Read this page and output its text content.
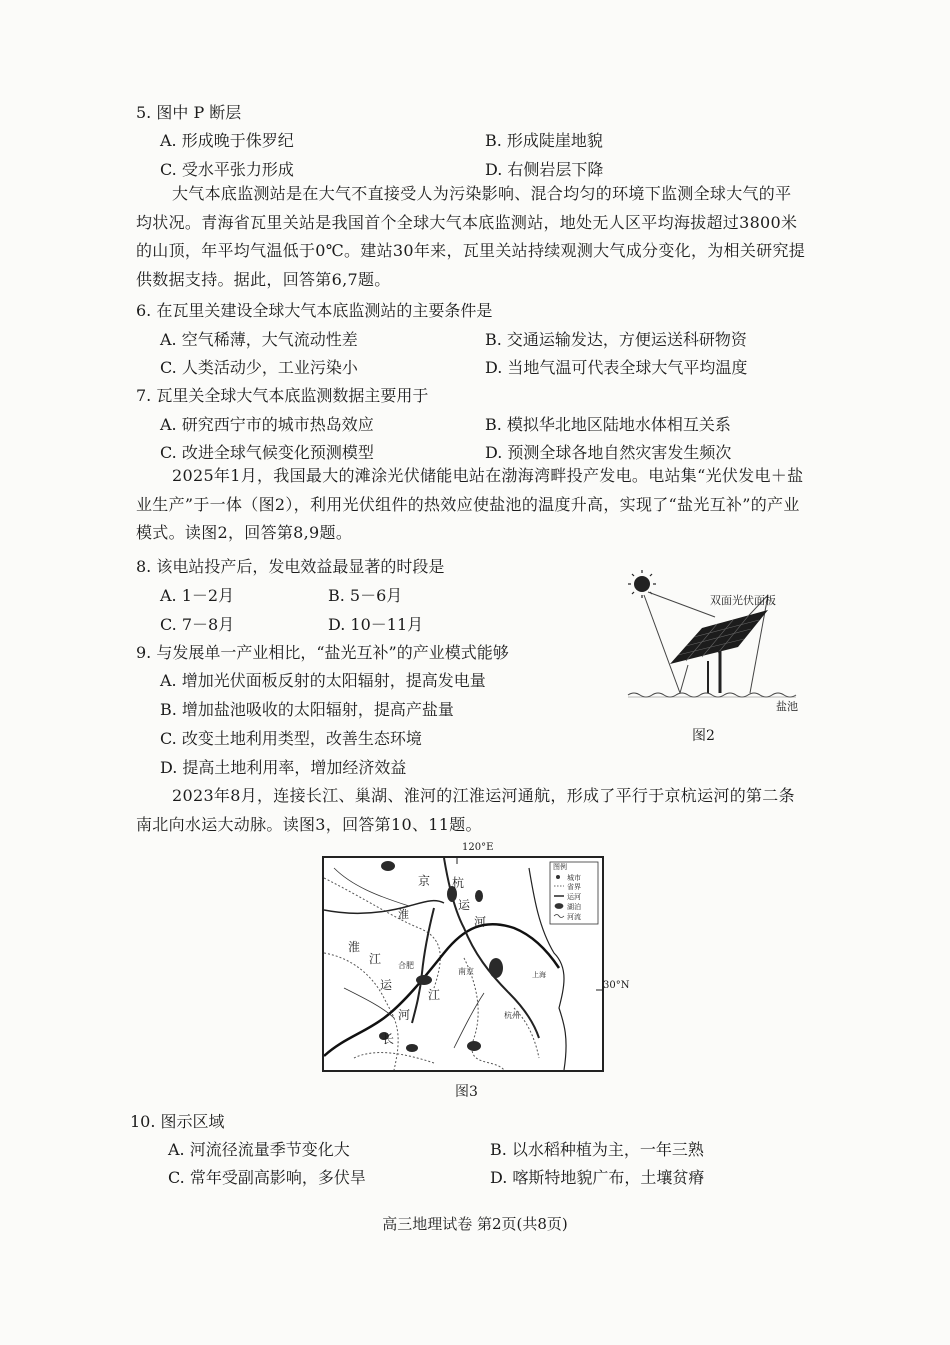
5. 图中 P 断层
A. 形成晚于侏罗纪	B. 形成陡崖地貌
C. 受水平张力形成	D. 右侧岩层下降
大气本底监测站是在大气不直接受人为污染影响、混合均匀的环境下监测全球大气的平均状况。青海省瓦里关站是我国首个全球大气本底监测站，地处无人区平均海拔超过3800米的山顶，年平均气温低于0℃。建站30年来，瓦里关站持续观测大气成分变化，为相关研究提供数据支持。据此，回答第6,7题。
6. 在瓦里关建设全球大气本底监测站的主要条件是
A. 空气稀薄，大气流动性差	B. 交通运输发达，方便运送科研物资
C. 人类活动少，工业污染小	D. 当地气温可代表全球大气平均温度
7. 瓦里关全球大气本底监测数据主要用于
A. 研究西宁市的城市热岛效应	B. 模拟华北地区陆地水体相互关系
C. 改进全球气候变化预测模型	D. 预测全球各地自然灾害发生频次
2025年1月，我国最大的滩涂光伏储能电站在渤海湾畔投产发电。电站集“光伏发电＋盐业生产”于一体（图2），利用光伏组件的热效应使盐池的温度升高，实现了“盐光互补”的产业模式。读图2，回答第8,9题。
8. 该电站投产后，发电效益最显著的时段是
A. 1－2月	B. 5－6月
C. 7－8月	D. 10－11月
9. 与发展单一产业相比，“盐光互补”的产业模式能够
A. 增加光伏面板反射的太阳辐射，提高发电量
B. 增加盐池吸收的太阳辐射，提高产盐量
C. 改变土地利用类型，改善生态环境
D. 提高土地利用率，增加经济效益
双面光伏面板
盐池
图2
2023年8月，连接长江、巢湖、淮河的江淮运河通航，形成了平行于京杭运河的第二条南北向水运大动脉。读图3，回答第10、11题。
图例
城市
省界
运河
湖泊
河流
京 杭
运
河
淮
江
淮
运
河
江
长
合肥
南京	上海
杭州
120°E
30°N
图3
10. 图示区域
A. 河流径流量季节变化大	B. 以水稻种植为主，一年三熟
C. 常年受副高影响，多伏旱	D. 喀斯特地貌广布，土壤贫瘠
高三地理试卷 第2页(共8页)
